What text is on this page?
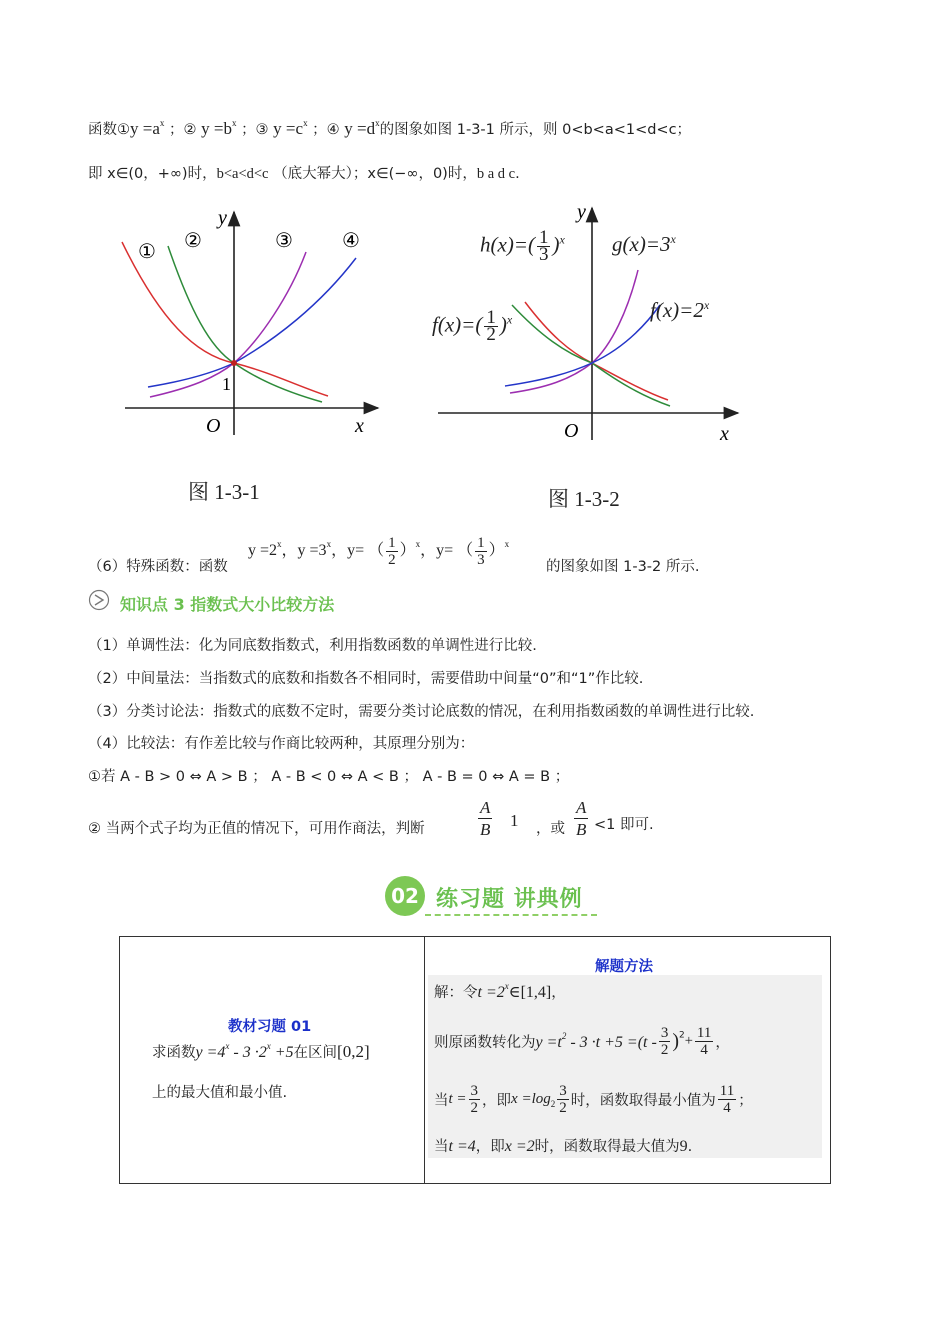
函数①y $=a^x$ ；② $y =b^x$ ；③ $y =c^x$ ；④ $y =d^x$的图象如图 1-3-1 所示，则 0<b<a<1<d<c；
即 x∈(0，+∞)时，b<a<d<c （底大幂大）；x∈(−∞，0)时，b a d c.
① ②	③ ④
y
x
O
1
图 1-3-1
y
x
O
$h(x)=( \frac{1}{3} )^x$ $g(x)=3^x$
$f(x)=2^x$
$f(x)=( \frac{1}{2} )^x$
图 1-3-2
（6）特殊函数：函数
$y =2^x$，$y =3^x$，y= （ $\frac{1}{2} )^x$，y= （ $\frac{1}{3} )^x$
的图象如图 1-3-2 所示.
知识点 3 指数式大小比较方法
（1）单调性法：化为同底数指数式，利用指数函数的单调性进行比较.
（2）中间量法：当指数式的底数和指数各不相同时，需要借助中间量“0”和“1”作比较.
（3）分类讨论法：指数式的底数不定时，需要分类讨论底数的情况，在利用指数函数的单调性进行比较.
（4）比较法：有作差比较与作商比较两种，其原理分别为：
①若 A - B > 0 ⇔ A > B ； A - B < 0 ⇔ A < B ； A - B = 0 ⇔ A = B ；
② 当两个式子均为正值的情况下，可用作商法，判断	$\frac{A}{B} 1$ ，或 $\frac{A}{B} <1$ 即可.
02 练习题 讲典例
教材习题 01
求函数$y =4^x - 3 \cdot 2^x +5$在区间[0,2]
上的最大值和最小值.

解题方法
解：令$t =2^x\in[1,4]$，
则原函数转化为$y =t^2 - 3 \cdot t +5 =(t - \frac{3}{2} )^2+ \frac{11}{4}$ ，
当$t = \frac{3}{2}$ ，即$x =\log_2 \frac{3}{2}$ 时，函数取得最小值为 $\frac{11}{4}$ ；
当t =4，即x =2时，函数取得最大值为9.
